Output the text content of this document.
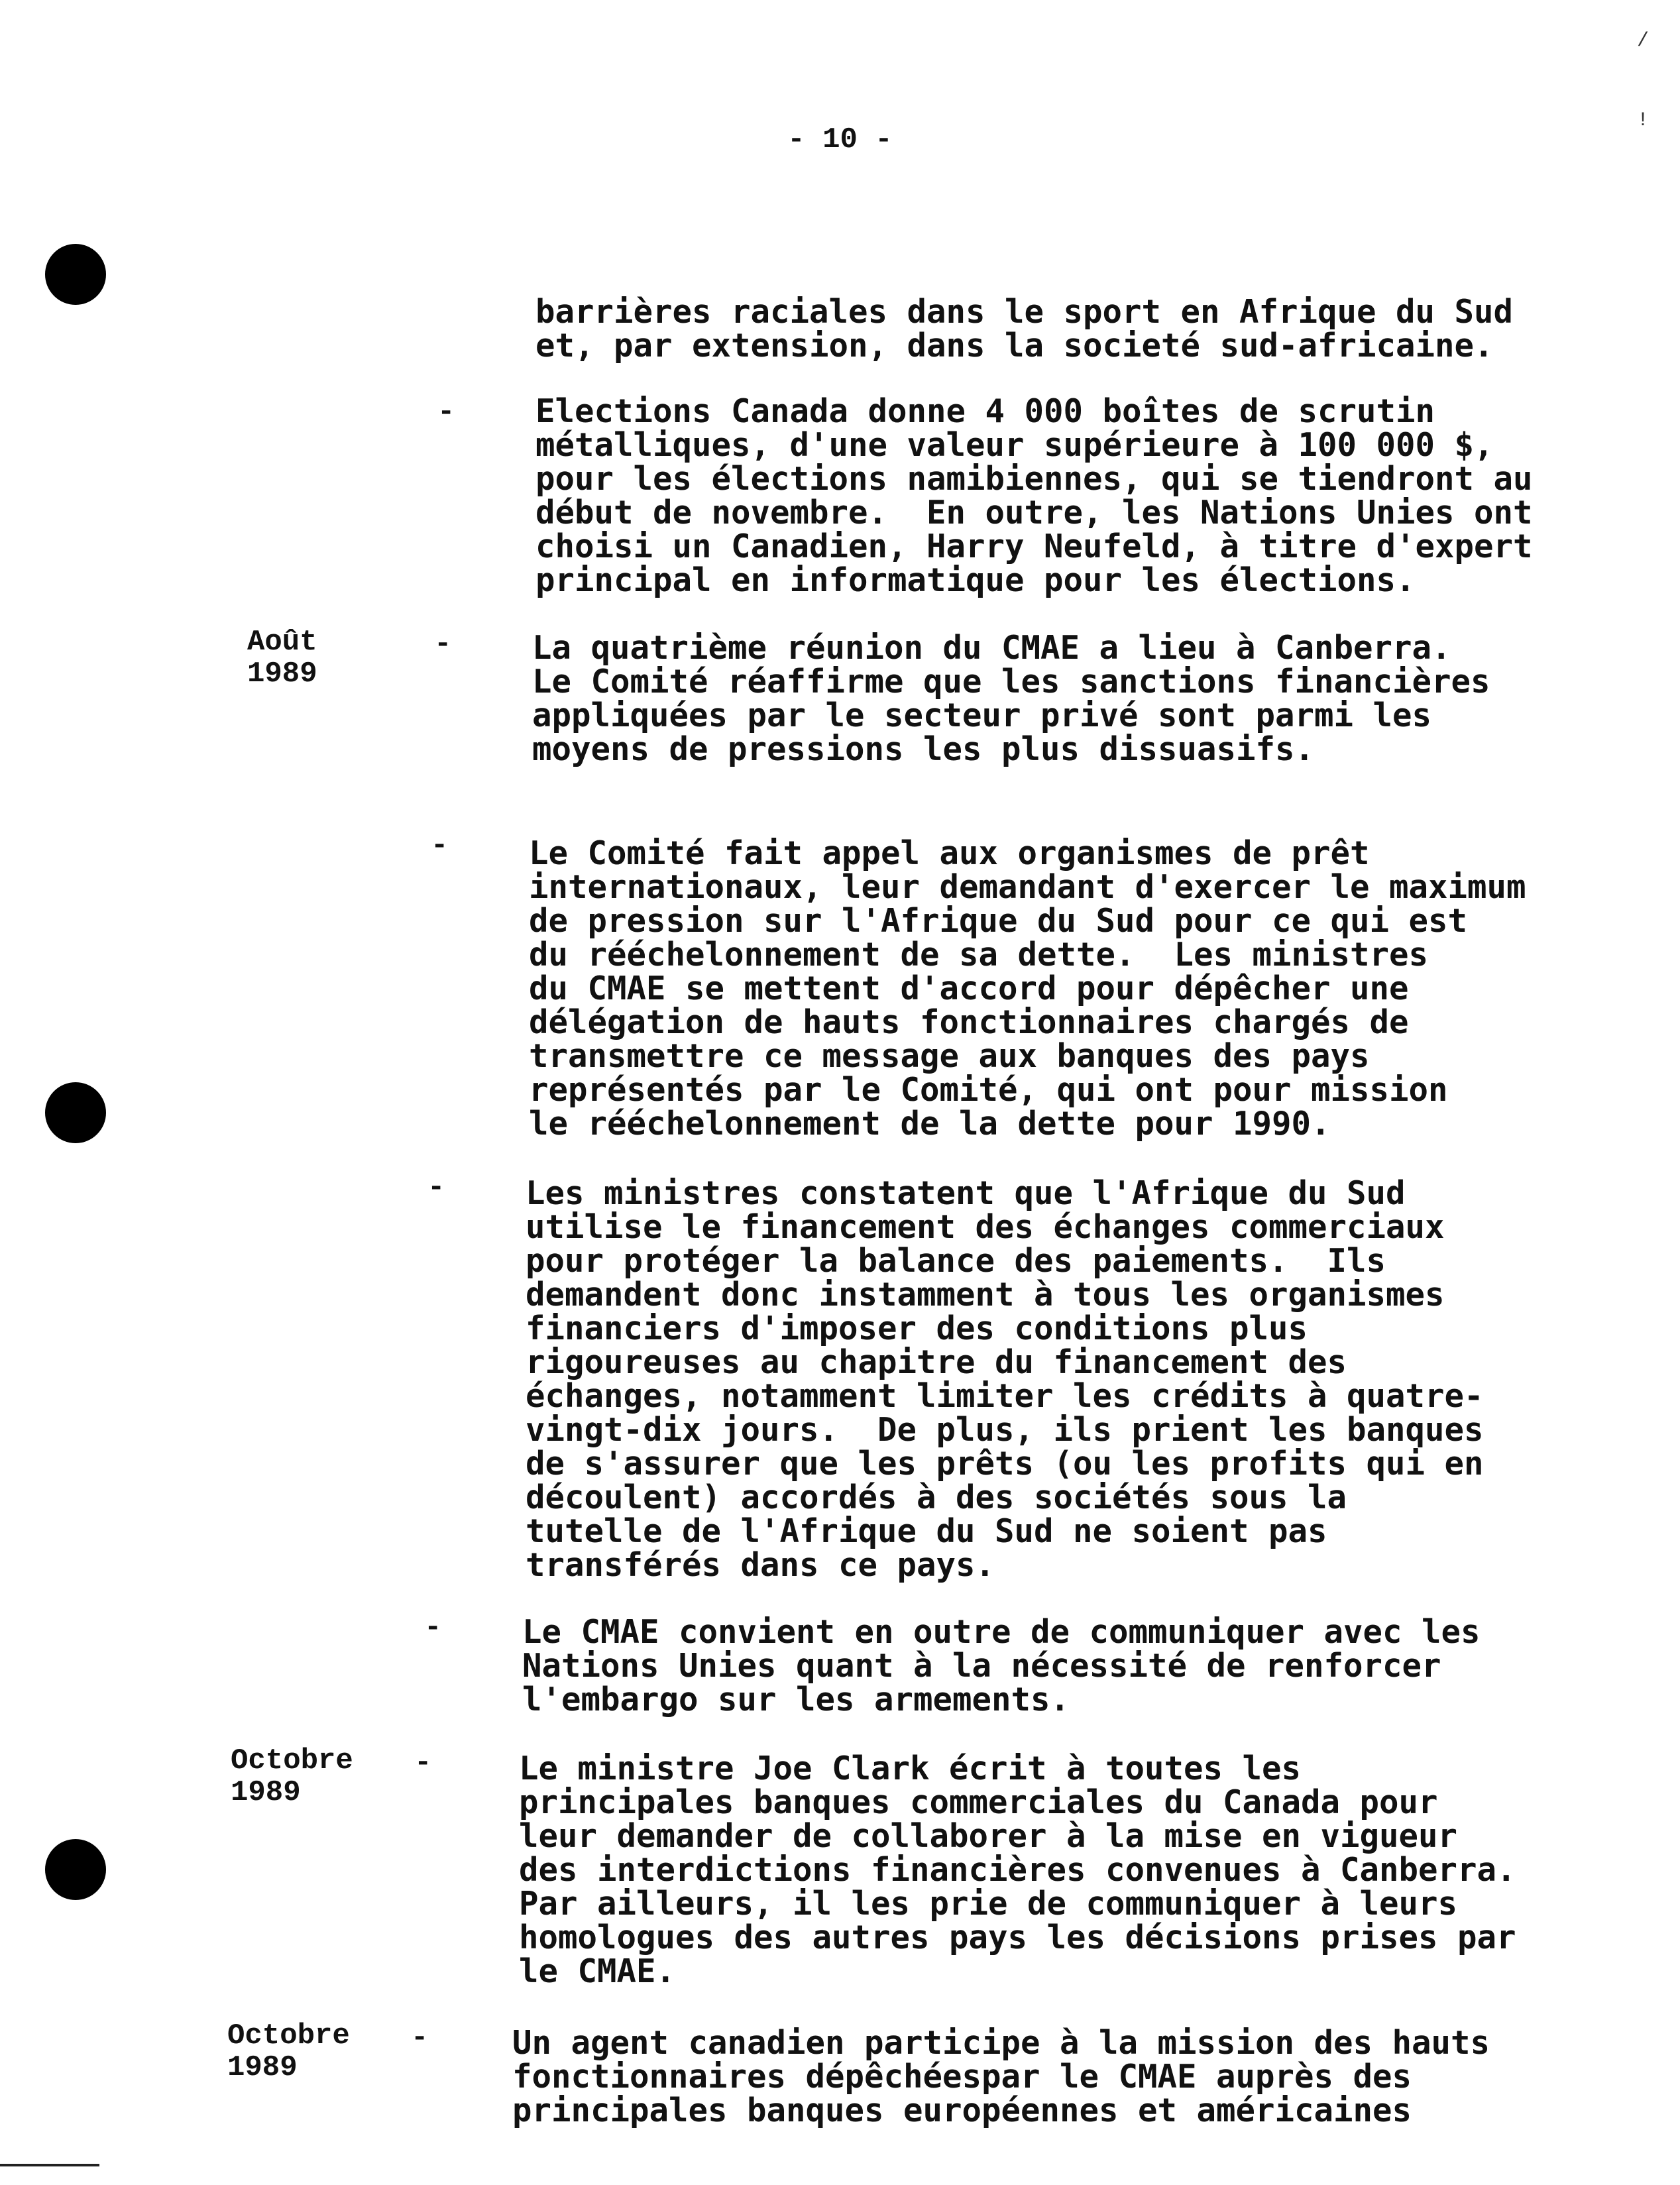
- 10 -
/
!
barrières raciales dans le sport en Afrique du Sud
et, par extension, dans la societé sud-africaine.
- Elections Canada donne 4 000 boîtes de scrutin
métalliques, d'une valeur supérieure à 100 000 $,
pour les élections namibiennes, qui se tiendront au
début de novembre.  En outre, les Nations Unies ont
choisi un Canadien, Harry Neufeld, à titre d'expert
principal en informatique pour les élections.
Août
1989
- La quatrième réunion du CMAE a lieu à Canberra.
Le Comité réaffirme que les sanctions financières
appliquées par le secteur privé sont parmi les
moyens de pressions les plus dissuasifs.
- Le Comité fait appel aux organismes de prêt
internationaux, leur demandant d'exercer le maximum
de pression sur l'Afrique du Sud pour ce qui est
du rééchelonnement de sa dette.  Les ministres
du CMAE se mettent d'accord pour dépêcher une
délégation de hauts fonctionnaires chargés de
transmettre ce message aux banques des pays
représentés par le Comité, qui ont pour mission
le rééchelonnement de la dette pour 1990.
- Les ministres constatent que l'Afrique du Sud
utilise le financement des échanges commerciaux
pour protéger la balance des paiements.  Ils
demandent donc instamment à tous les organismes
financiers d'imposer des conditions plus
rigoureuses au chapitre du financement des
échanges, notamment limiter les crédits à quatre-
vingt-dix jours.  De plus, ils prient les banques
de s'assurer que les prêts (ou les profits qui en
découlent) accordés à des sociétés sous la
tutelle de l'Afrique du Sud ne soient pas
transférés dans ce pays.
- Le CMAE convient en outre de communiquer avec les
Nations Unies quant à la nécessité de renforcer
l'embargo sur les armements.
Octobre
1989
-	Le ministre Joe Clark écrit à toutes les
principales banques commerciales du Canada pour
leur demander de collaborer à la mise en vigueur
des interdictions financières convenues à Canberra.
Par ailleurs, il les prie de communiquer à leurs
homologues des autres pays les décisions prises par
le CMAE.
Octobre
1989
-	Un agent canadien participe à la mission des hauts
fonctionnaires dépêchéespar le CMAE auprès des
principales banques européennes et américaines
